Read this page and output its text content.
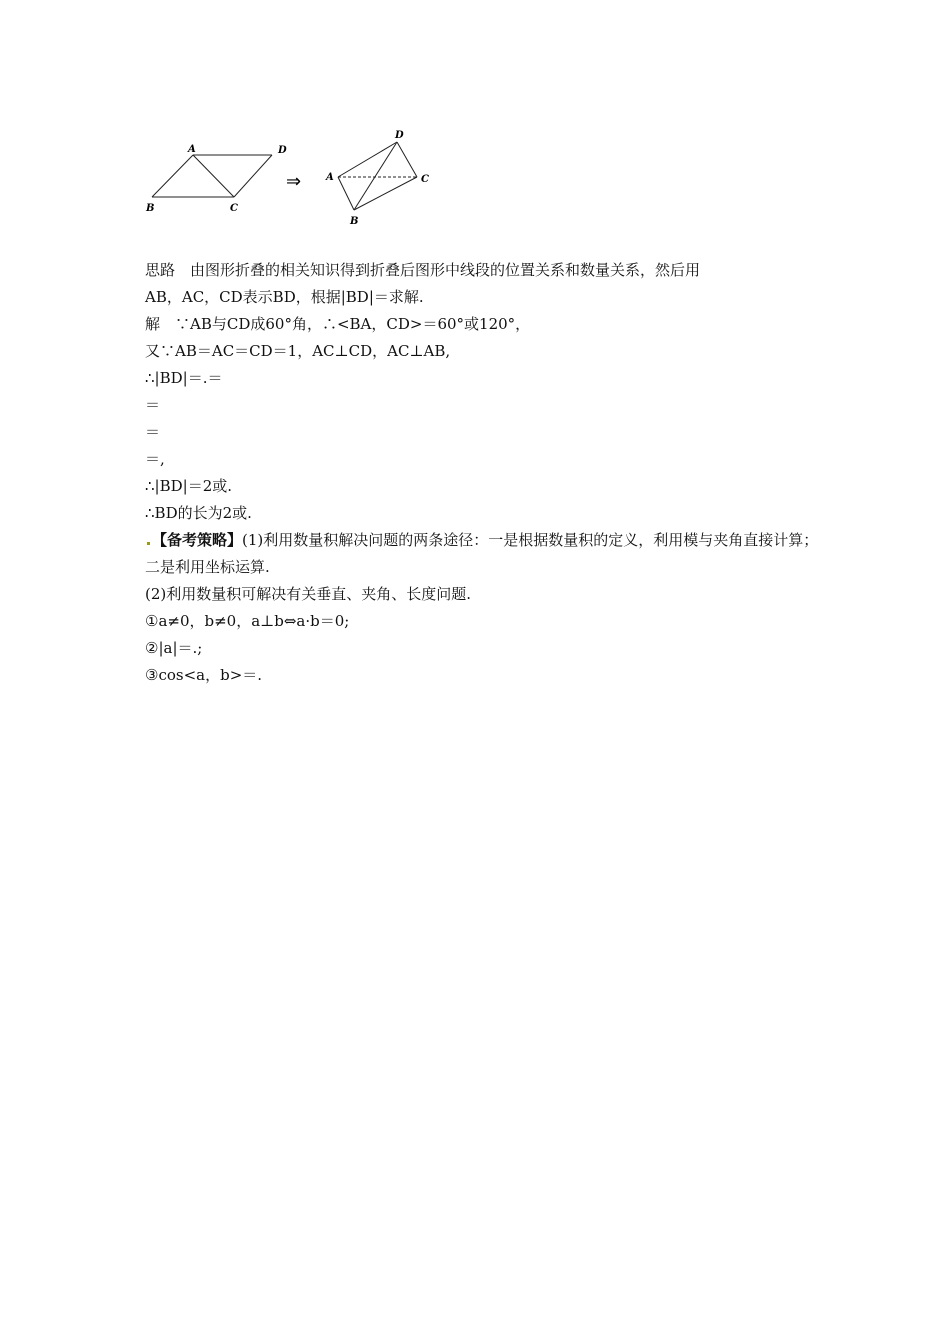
A	D
B	C
⇒
D
A	C
B
思路　由图形折叠的相关知识得到折叠后图形中线段的位置关系和数量关系，然后用
AB，AC，CD表示BD，根据|BD|＝求解.
解　∵AB与CD成60°角，∴<BA，CD>＝60°或120°，
又∵AB＝AC＝CD＝1，AC⊥CD，AC⊥AB,
∴|BD|＝.＝
＝
＝
＝,
∴|BD|＝2或.
∴BD的长为2或.
【备考策略】(1)利用数量积解决问题的两条途径：一是根据数量积的定义，利用模与夹角直接计算；二是利用坐标运算.
(2)利用数量积可解决有关垂直、夹角、长度问题.
①a≠0，b≠0，a⊥b⇔a·b＝0;
②|a|＝.;
③cos<a，b>＝.
